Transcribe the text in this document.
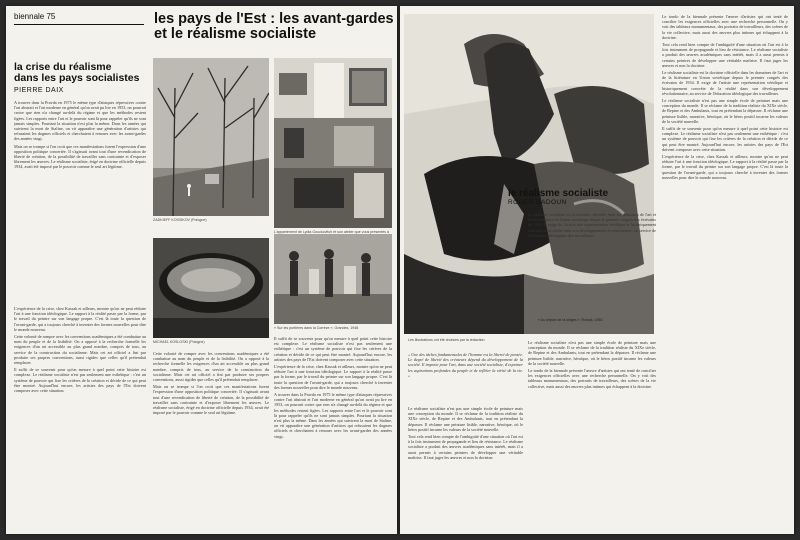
biennale 75	les pays de l'Est : les avant-gardes
et le réalisme socialiste
la crise du réalisme
dans les pays socialistes
PIERRE DAIX

A trouver dans la Pravda en 1975 le même type d'attaques répressives contre l'art abstrait et l'art moderne en général qu'on avait pu lire en 1953, on pourrait croire que rien n'a changé au-delà du régime et que les méthodes restent figées. Les rapports entre l'art et le pouvoir sont là pour rappeler qu'ils ne sont jamais simples. Pourtant la situation n'est plus la même. Dans les années qui suivirent la mort de Staline, on vit apparaître une génération d'artistes qui refusaient les dogmes officiels et cherchaient à renouer avec les avant-gardes des années vingt.

Mais on se trompe si l'on croit que ces manifestations furent l'expression d'une opposition politique concertée. Il s'agissait avant tout d'une revendication de liberté de création, de la possibilité de travailler sans contrainte et d'exposer librement les œuvres. Le réalisme socialiste, érigé en doctrine officielle depuis 1934, avait été imposé par le pouvoir comme le seul art légitime.

L'expérience de la crise, chez Kassak et ailleurs, montre qu'on ne peut réduire l'art à une fonction idéologique. Le rapport à la réalité passe par la forme, par le travail du peintre sur son langage propre. C'est là toute la question de l'avant-garde, qui a toujours cherché à inventer des formes nouvelles pour dire le monde nouveau.

Cette volonté de rompre avec les conventions académiques a été combattue au nom du peuple et de la lisibilité. On a opposé à la recherche formelle les exigences d'un art accessible au plus grand nombre, compris de tous, au service de la construction du socialisme. Mais cet art officiel a fini par produire ses propres conventions, aussi rigides que celles qu'il prétendait remplacer.

Il suffit de se souvenir pour qu'on mesure à quel point cette histoire est complexe. Le réalisme socialiste n'est pas seulement une esthétique : c'est un système de pouvoir qui fixe les critères de la création et décide de ce qui peut être montré. Aujourd'hui encore, les artistes des pays de l'Est doivent composer avec cette situation.

ZADKIEFF KOSSIKOV (Pologne)
L'appartement de Lydia Gouckovitch et son atelier que vous présentés à
MICHAEL KOSLOSKI (Pologne)
« Sur les portières dans la Corrèze », Grandes, 1948

Cette volonté de rompre avec les conventions académiques a été combattue au nom du peuple et de la lisibilité. On a opposé à la recherche formelle les exigences d'un art accessible au plus grand nombre, compris de tous, au service de la construction du socialisme. Mais cet art officiel a fini par produire ses propres conventions, aussi rigides que celles qu'il prétendait remplacer.

Mais on se trompe si l'on croit que ces manifestations furent l'expression d'une opposition politique concertée. Il s'agissait avant tout d'une revendication de liberté de création, de la possibilité de travailler sans contrainte et d'exposer librement les œuvres. Le réalisme socialiste, érigé en doctrine officielle depuis 1934, avait été imposé par le pouvoir comme le seul art légitime.

Il suffit de se souvenir pour qu'on mesure à quel point cette histoire est complexe. Le réalisme socialiste n'est pas seulement une esthétique : c'est un système de pouvoir qui fixe les critères de la création et décide de ce qui peut être montré. Aujourd'hui encore, les artistes des pays de l'Est doivent composer avec cette situation.

L'expérience de la crise, chez Kassak et ailleurs, montre qu'on ne peut réduire l'art à une fonction idéologique. Le rapport à la réalité passe par la forme, par le travail du peintre sur son langage propre. C'est là toute la question de l'avant-garde, qui a toujours cherché à inventer des formes nouvelles pour dire le monde nouveau.

A trouver dans la Pravda en 1975 le même type d'attaques répressives contre l'art abstrait et l'art moderne en général qu'on avait pu lire en 1953, on pourrait croire que rien n'a changé au-delà du régime et que les méthodes restent figées. Les rapports entre l'art et le pouvoir sont là pour rappeler qu'ils ne sont jamais simples. Pourtant la situation n'est plus la même. Dans les années qui suivirent la mort de Staline, on vit apparaître une génération d'artistes qui refusaient les dogmes officiels et cherchaient à renouer avec les avant-gardes des années vingt.

le réalisme socialiste
ROGER DADOUN
« Au départ de la lutiges », Rossia, 1950

Le réalisme socialiste est la doctrine officielle dans les domaines de l'art et de la littérature en Union soviétique depuis le premier congrès des écrivains de 1934. Il exige de l'artiste une représentation véridique et historiquement concrète de la réalité dans son développement révolutionnaire, au service de l'éducation idéologique des travailleurs.

Les illustrations ont été choisies par la rédaction
« Une des tâches fondamentales de l'homme est la liberté de pensée. Le degré de liberté des créateurs dépend du développement de la société. Il importe pour l'art, dans une société socialiste, d'exprimer les aspirations profondes du peuple et de refléter la vérité de la vie. »

Le réalisme socialiste n'est pas une simple école de peinture mais une conception du monde. Il se réclame de la tradition réaliste du XIXe siècle, de Repine et des Ambulants, tout en prétendant la dépasser. Il réclame une peinture lisible, narrative, héroïque, où le héros positif incarne les valeurs de la société nouvelle.

Tout cela rend bien compte de l'ambiguïté d'une situation où l'art est à la fois instrument de propagande et lieu de résistance. Le réalisme socialiste a produit des œuvres académiques sans intérêt, mais il a aussi permis à certains peintres de développer une véritable maîtrise. Il faut juger les œuvres et non la doctrine.

Le réalisme socialiste n'est pas une simple école de peinture mais une conception du monde. Il se réclame de la tradition réaliste du XIXe siècle, de Repine et des Ambulants, tout en prétendant la dépasser. Il réclame une peinture lisible, narrative, héroïque, où le héros positif incarne les valeurs de la société nouvelle.

Le tondo de la biennale présente l'œuvre d'artistes qui ont tenté de concilier les exigences officielles avec une recherche personnelle. On y voit des tableaux monumentaux, des portraits de travailleurs, des scènes de la vie collective, mais aussi des œuvres plus intimes qui échappent à la doctrine.

Le tondo de la biennale présente l'œuvre d'artistes qui ont tenté de concilier les exigences officielles avec une recherche personnelle. On y voit des tableaux monumentaux, des portraits de travailleurs, des scènes de la vie collective, mais aussi des œuvres plus intimes qui échappent à la doctrine.

Tout cela rend bien compte de l'ambiguïté d'une situation où l'art est à la fois instrument de propagande et lieu de résistance. Le réalisme socialiste a produit des œuvres académiques sans intérêt, mais il a aussi permis à certains peintres de développer une véritable maîtrise. Il faut juger les œuvres et non la doctrine.

Le réalisme socialiste est la doctrine officielle dans les domaines de l'art et de la littérature en Union soviétique depuis le premier congrès des écrivains de 1934. Il exige de l'artiste une représentation véridique et historiquement concrète de la réalité dans son développement révolutionnaire, au service de l'éducation idéologique des travailleurs.

Le réalisme socialiste n'est pas une simple école de peinture mais une conception du monde. Il se réclame de la tradition réaliste du XIXe siècle, de Repine et des Ambulants, tout en prétendant la dépasser. Il réclame une peinture lisible, narrative, héroïque, où le héros positif incarne les valeurs de la société nouvelle.

Il suffit de se souvenir pour qu'on mesure à quel point cette histoire est complexe. Le réalisme socialiste n'est pas seulement une esthétique : c'est un système de pouvoir qui fixe les critères de la création et décide de ce qui peut être montré. Aujourd'hui encore, les artistes des pays de l'Est doivent composer avec cette situation.

L'expérience de la crise, chez Kassak et ailleurs, montre qu'on ne peut réduire l'art à une fonction idéologique. Le rapport à la réalité passe par la forme, par le travail du peintre sur son langage propre. C'est là toute la question de l'avant-garde, qui a toujours cherché à inventer des formes nouvelles pour dire le monde nouveau.
